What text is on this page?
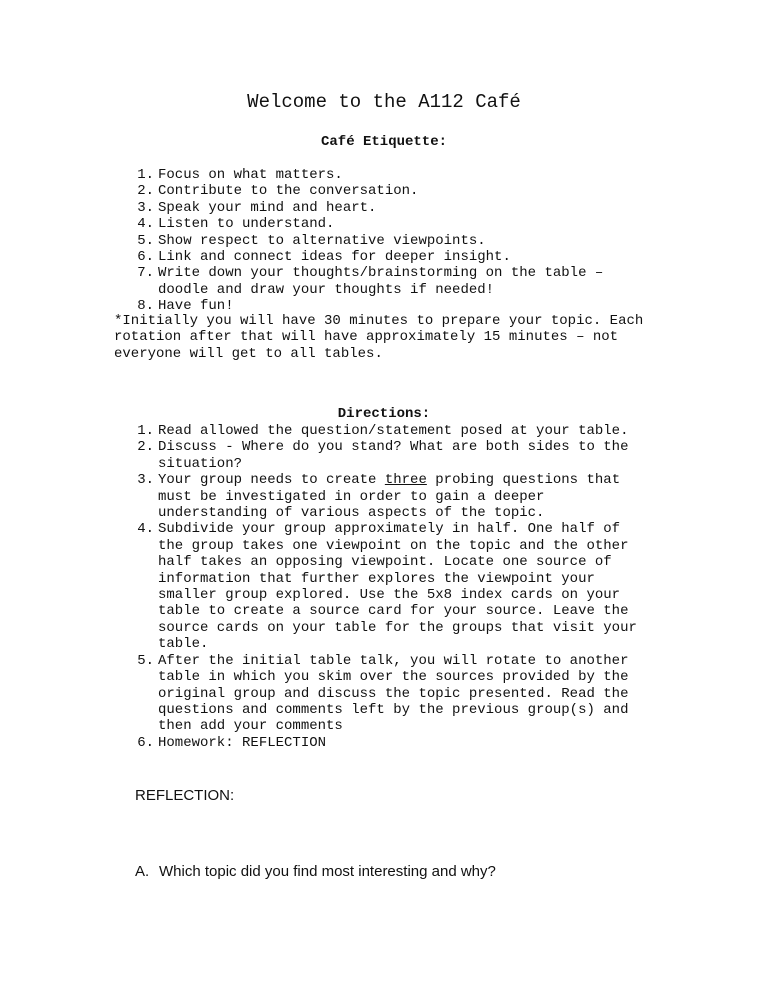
Welcome to the A112 Café
Café Etiquette:
1. Focus on what matters.
2. Contribute to the conversation.
3. Speak your mind and heart.
4. Listen to understand.
5. Show respect to alternative viewpoints.
6. Link and connect ideas for deeper insight.
7. Write down your thoughts/brainstorming on the table – doodle and draw your thoughts if needed!
8. Have fun!
*Initially you will have 30 minutes to prepare your topic. Each rotation after that will have approximately 15 minutes – not everyone will get to all tables.
Directions:
1. Read allowed the question/statement posed at your table.
2. Discuss - Where do you stand? What are both sides to the situation?
3. Your group needs to create three probing questions that must be investigated in order to gain a deeper understanding of various aspects of the topic.
4. Subdivide your group approximately in half. One half of the group takes one viewpoint on the topic and the other half takes an opposing viewpoint. Locate one source of information that further explores the viewpoint your smaller group explored. Use the 5x8 index cards on your table to create a source card for your source. Leave the source cards on your table for the groups that visit your table.
5. After the initial table talk, you will rotate to another table in which you skim over the sources provided by the original group and discuss the topic presented. Read the questions and comments left by the previous group(s) and then add your comments
6. Homework: REFLECTION
REFLECTION:
A. Which topic did you find most interesting and why?
